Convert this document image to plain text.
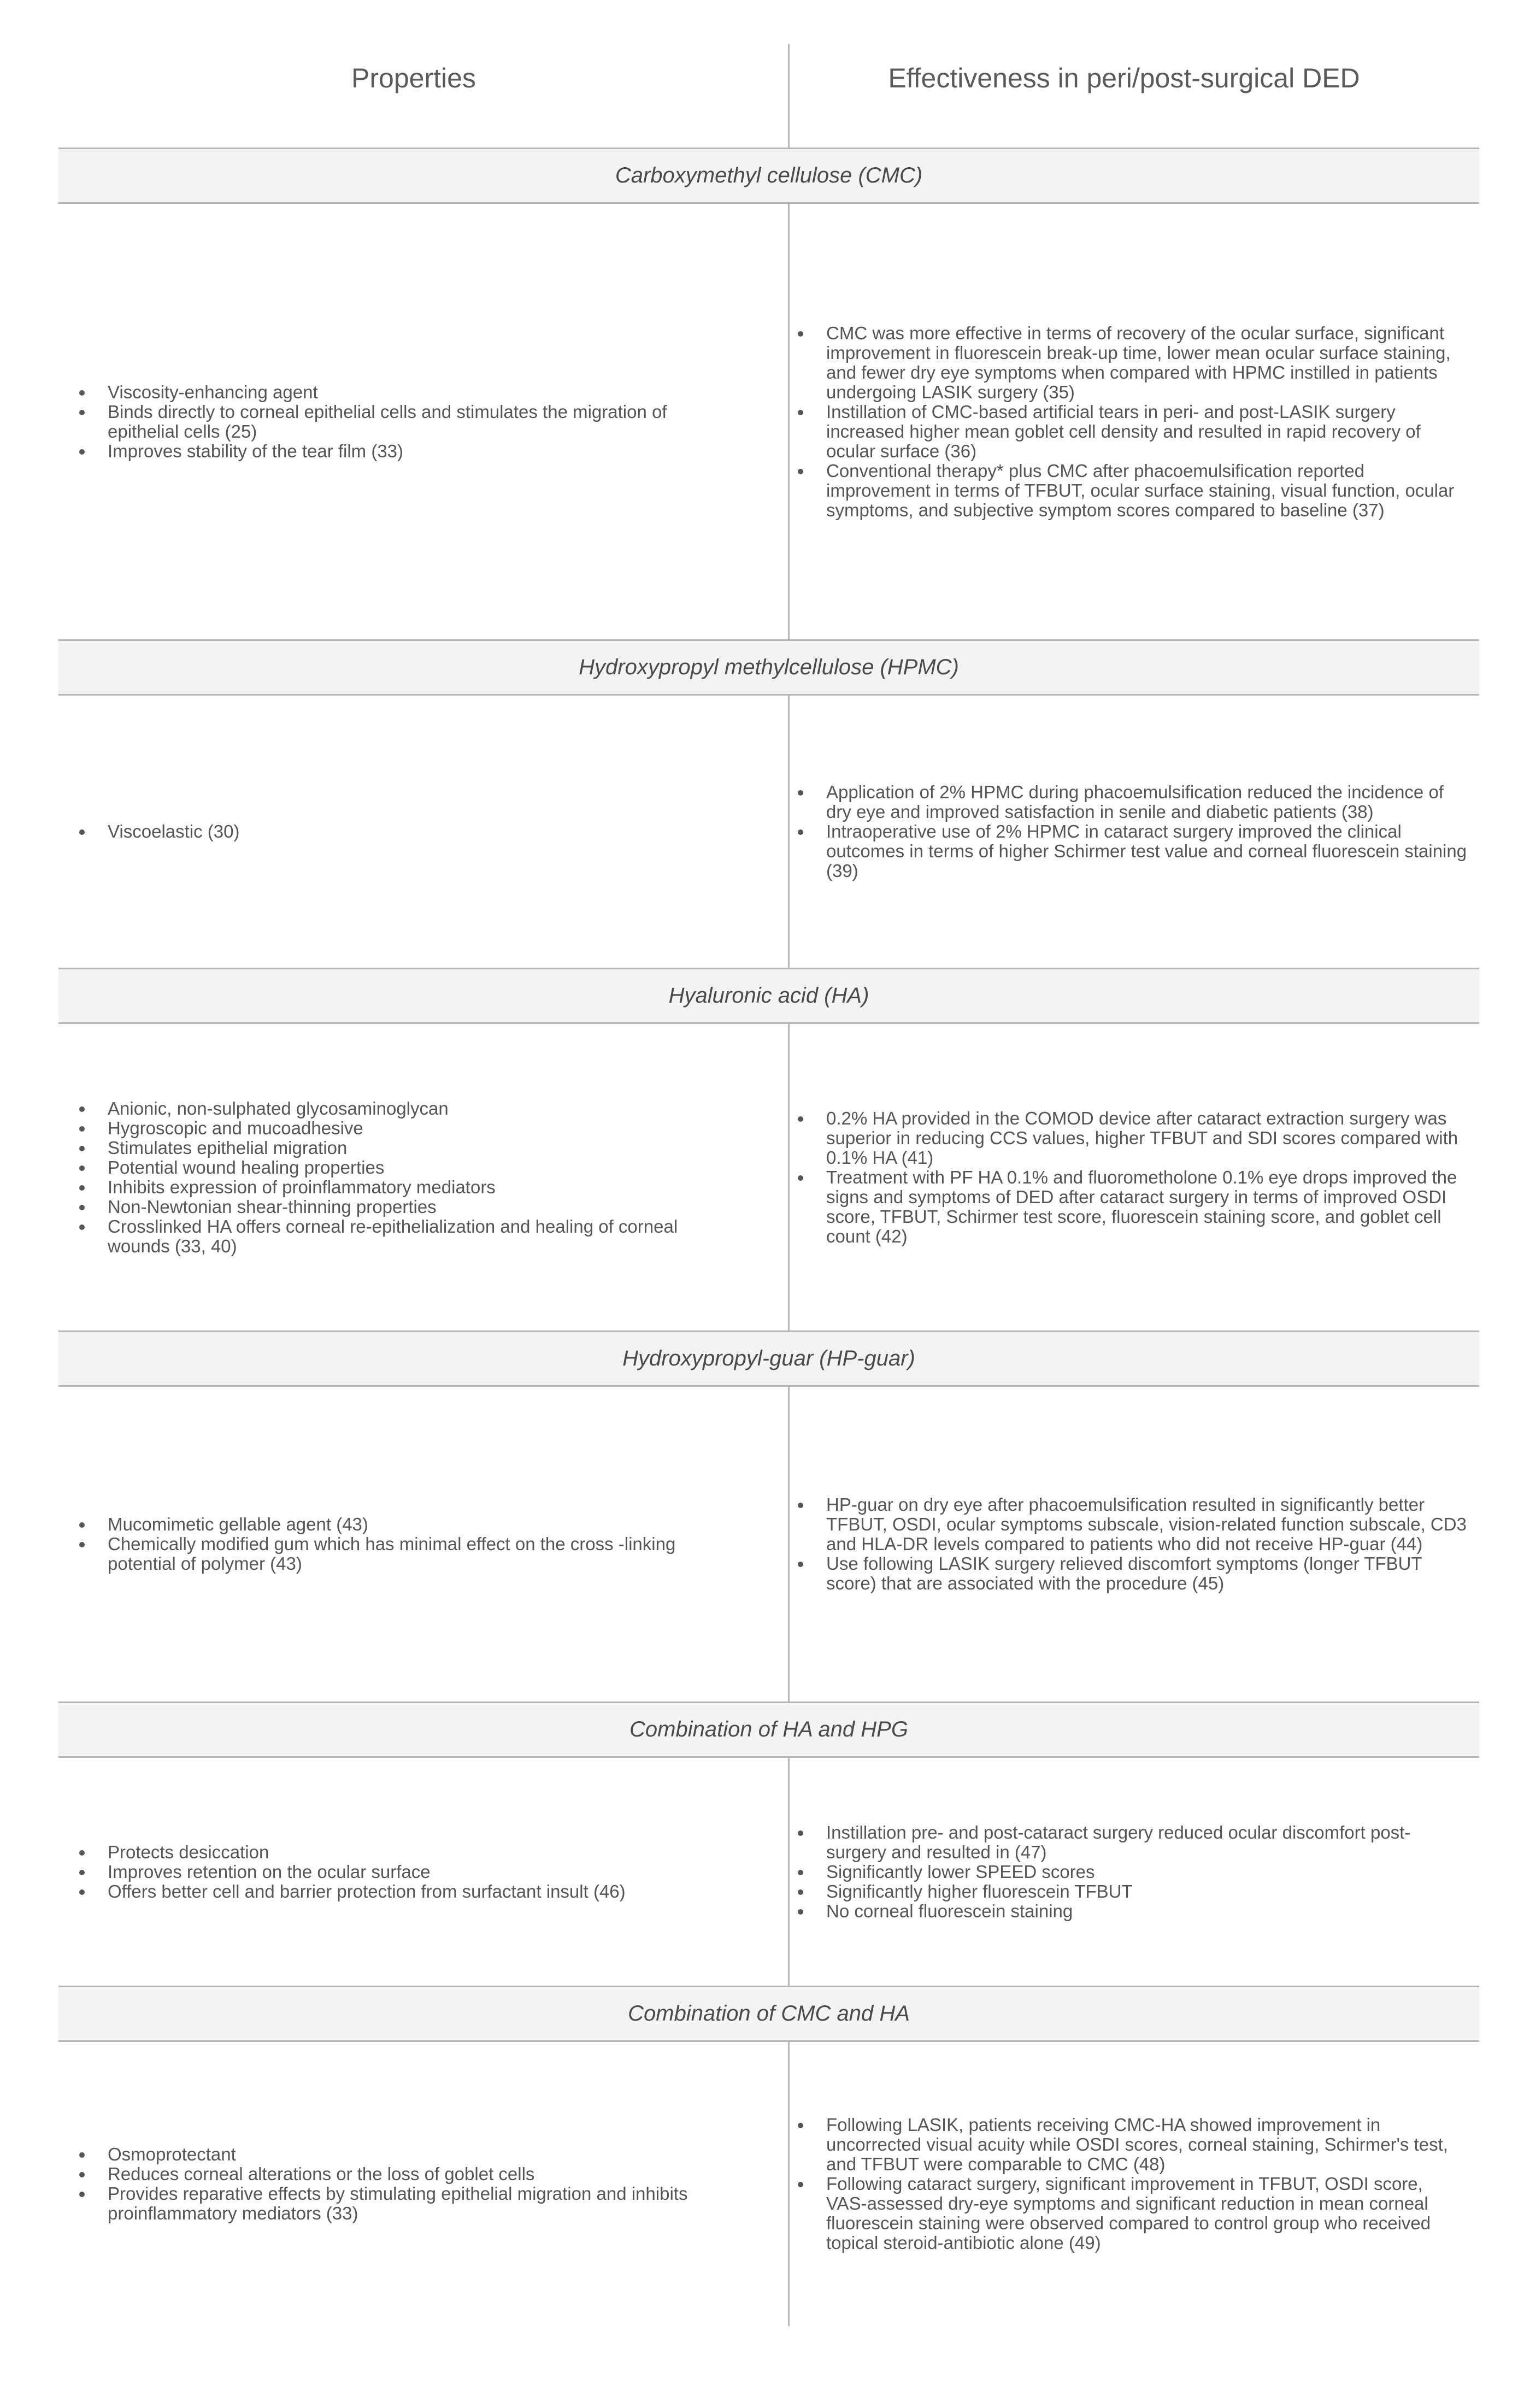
Properties	Effectiveness in peri/post-surgical DED
Carboxymethyl cellulose (CMC)
Viscosity-enhancing agent
Binds directly to corneal epithelial cells and stimulates the migration of epithelial cells (25)
Improves stability of the tear film (33)
CMC was more effective in terms of recovery of the ocular surface, significant improvement in fluorescein break-up time, lower mean ocular surface staining, and fewer dry eye symptoms when compared with HPMC instilled in patients undergoing LASIK surgery (35)
Instillation of CMC-based artificial tears in peri- and post-LASIK surgery increased higher mean goblet cell density and resulted in rapid recovery of ocular surface (36)
Conventional therapy* plus CMC after phacoemulsification reported improvement in terms of TFBUT, ocular surface staining, visual function, ocular symptoms, and subjective symptom scores compared to baseline (37)
Hydroxypropyl methylcellulose (HPMC)
Viscoelastic (30)
Application of 2% HPMC during phacoemulsification reduced the incidence of dry eye and improved satisfaction in senile and diabetic patients (38)
Intraoperative use of 2% HPMC in cataract surgery improved the clinical outcomes in terms of higher Schirmer test value and corneal fluorescein staining (39)
Hyaluronic acid (HA)
Anionic, non-sulphated glycosaminoglycan
Hygroscopic and mucoadhesive
Stimulates epithelial migration
Potential wound healing properties
Inhibits expression of proinflammatory mediators
Non-Newtonian shear-thinning properties
Crosslinked HA offers corneal re-epithelialization and healing of corneal wounds (33, 40)
0.2% HA provided in the COMOD device after cataract extraction surgery was superior in reducing CCS values, higher TFBUT and SDI scores compared with 0.1% HA (41)
Treatment with PF HA 0.1% and fluorometholone 0.1% eye drops improved the signs and symptoms of DED after cataract surgery in terms of improved OSDI score, TFBUT, Schirmer test score, fluorescein staining score, and goblet cell count (42)
Hydroxypropyl-guar (HP-guar)
Mucomimetic gellable agent (43)
Chemically modified gum which has minimal effect on the cross -linking potential of polymer (43)
HP-guar on dry eye after phacoemulsification resulted in significantly better TFBUT, OSDI, ocular symptoms subscale, vision-related function subscale, CD3 and HLA-DR levels compared to patients who did not receive HP-guar (44)
Use following LASIK surgery relieved discomfort symptoms (longer TFBUT score) that are associated with the procedure (45)
Combination of HA and HPG
Protects desiccation
Improves retention on the ocular surface
Offers better cell and barrier protection from surfactant insult (46)
Instillation pre- and post-cataract surgery reduced ocular discomfort post-surgery and resulted in (47)
Significantly lower SPEED scores
Significantly higher fluorescein TFBUT
No corneal fluorescein staining
Combination of CMC and HA
Osmoprotectant
Reduces corneal alterations or the loss of goblet cells
Provides reparative effects by stimulating epithelial migration and inhibits proinflammatory mediators (33)
Following LASIK, patients receiving CMC-HA showed improvement in uncorrected visual acuity while OSDI scores, corneal staining, Schirmer's test, and TFBUT were comparable to CMC (48)
Following cataract surgery, significant improvement in TFBUT, OSDI score, VAS-assessed dry-eye symptoms and significant reduction in mean corneal fluorescein staining were observed compared to control group who received topical steroid-antibiotic alone (49)
